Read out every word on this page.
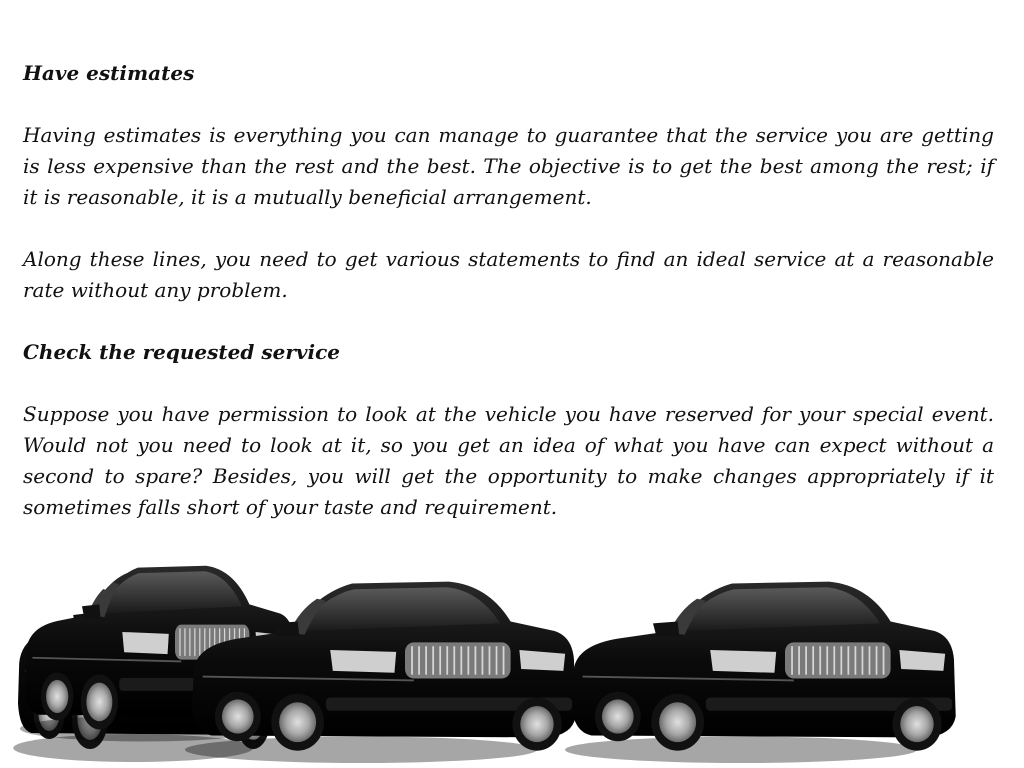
Have estimates

Having estimates is everything you can manage to guarantee that the service you are getting is less expensive than the rest and the best. The objective is to get the best among the rest; if it is reasonable, it is a mutually beneficial arrangement.

Along these lines, you need to get various statements to find an ideal service at a reasonable rate without any problem.

Check the requested service

Suppose you have permission to look at the vehicle you have reserved for your special event. Would not you need to look at it, so you get an idea of what you have can expect without a second to spare? Besides, you will get the opportunity to make changes appropriately if it sometimes falls short of your taste and requirement.
